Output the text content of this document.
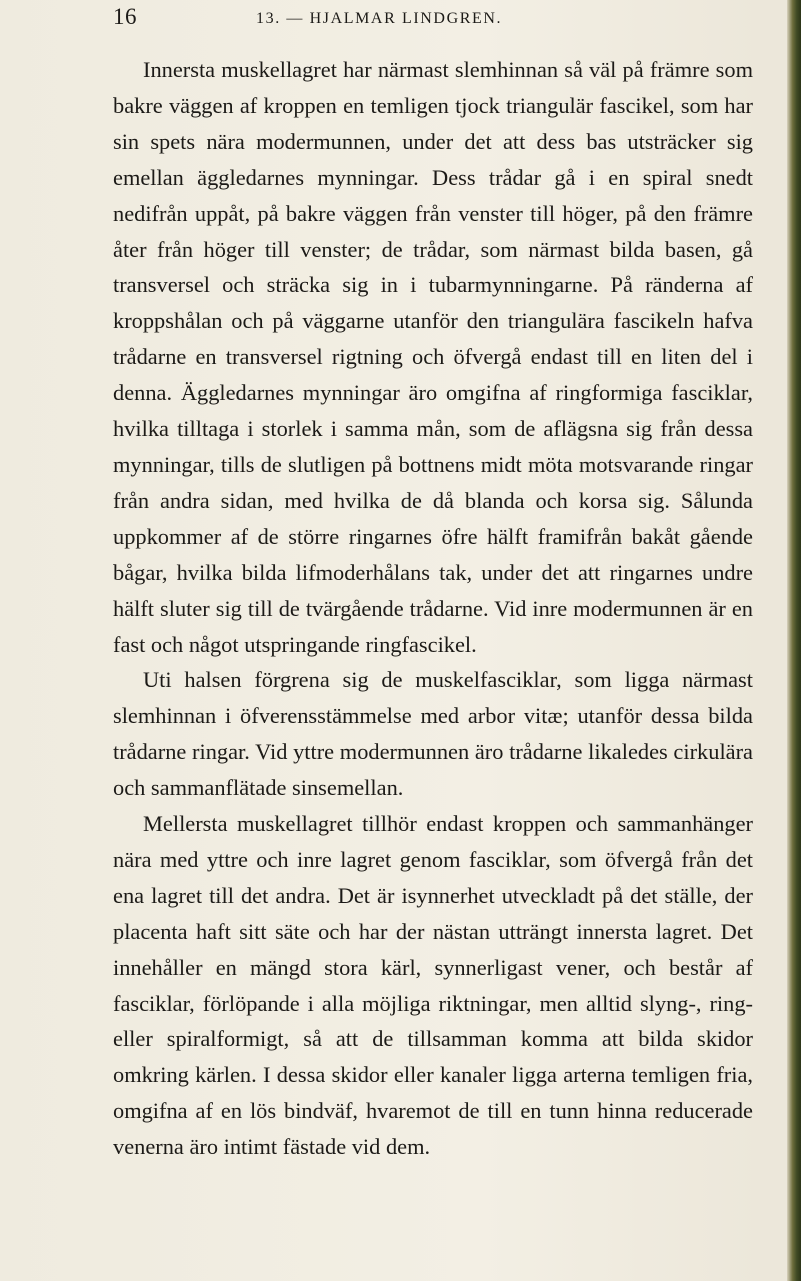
16	13. — HJALMAR LINDGREN.

Innersta muskellagret har närmast slemhinnan så väl på främre som bakre väggen af kroppen en temligen tjock triangulär fascikel, som har sin spets nära modermunnen, under det att dess bas utsträcker sig emellan äggledarnes mynningar. Dess trådar gå i en spiral snedt nedifrån uppåt, på bakre väggen från venster till höger, på den främre åter från höger till venster; de trådar, som närmast bilda basen, gå transversel och sträcka sig in i tubarmynningarne. På ränderna af kroppshålan och på väggarne utanför den triangulära fascikeln hafva trådarne en transversel rigtning och öfvergå endast till en liten del i denna. Äggledarnes mynningar äro omgifna af ringformiga fasciklar, hvilka tilltaga i storlek i samma mån, som de aflägsna sig från dessa mynningar, tills de slutligen på bottnens midt möta motsvarande ringar från andra sidan, med hvilka de då blanda och korsa sig. Sålunda uppkommer af de större ringarnes öfre hälft framifrån bakåt gående bågar, hvilka bilda lifmoderhålans tak, under det att ringarnes undre hälft sluter sig till de tvärgående trådarne. Vid inre modermunnen är en fast och något utspringande ringfascikel.

Uti halsen förgrena sig de muskelfasciklar, som ligga närmast slemhinnan i öfverensstämmelse med arbor vitæ; utanför dessa bilda trådarne ringar. Vid yttre modermunnen äro trådarne likaledes cirkulära och sammanflätade sinsemellan.

Mellersta muskellagret tillhör endast kroppen och sammanhänger nära med yttre och inre lagret genom fasciklar, som öfvergå från det ena lagret till det andra. Det är isynnerhet utveckladt på det ställe, der placenta haft sitt säte och har der nästan utträngt innersta lagret. Det innehåller en mängd stora kärl, synnerligast vener, och består af fasciklar, förlöpande i alla möjliga riktningar, men alltid slyng-, ring- eller spiralformigt, så att de tillsamman komma att bilda skidor omkring kärlen. I dessa skidor eller kanaler ligga arterna temligen fria, omgifna af en lös bindväf, hvaremot de till en tunn hinna reducerade venerna äro intimt fästade vid dem.
